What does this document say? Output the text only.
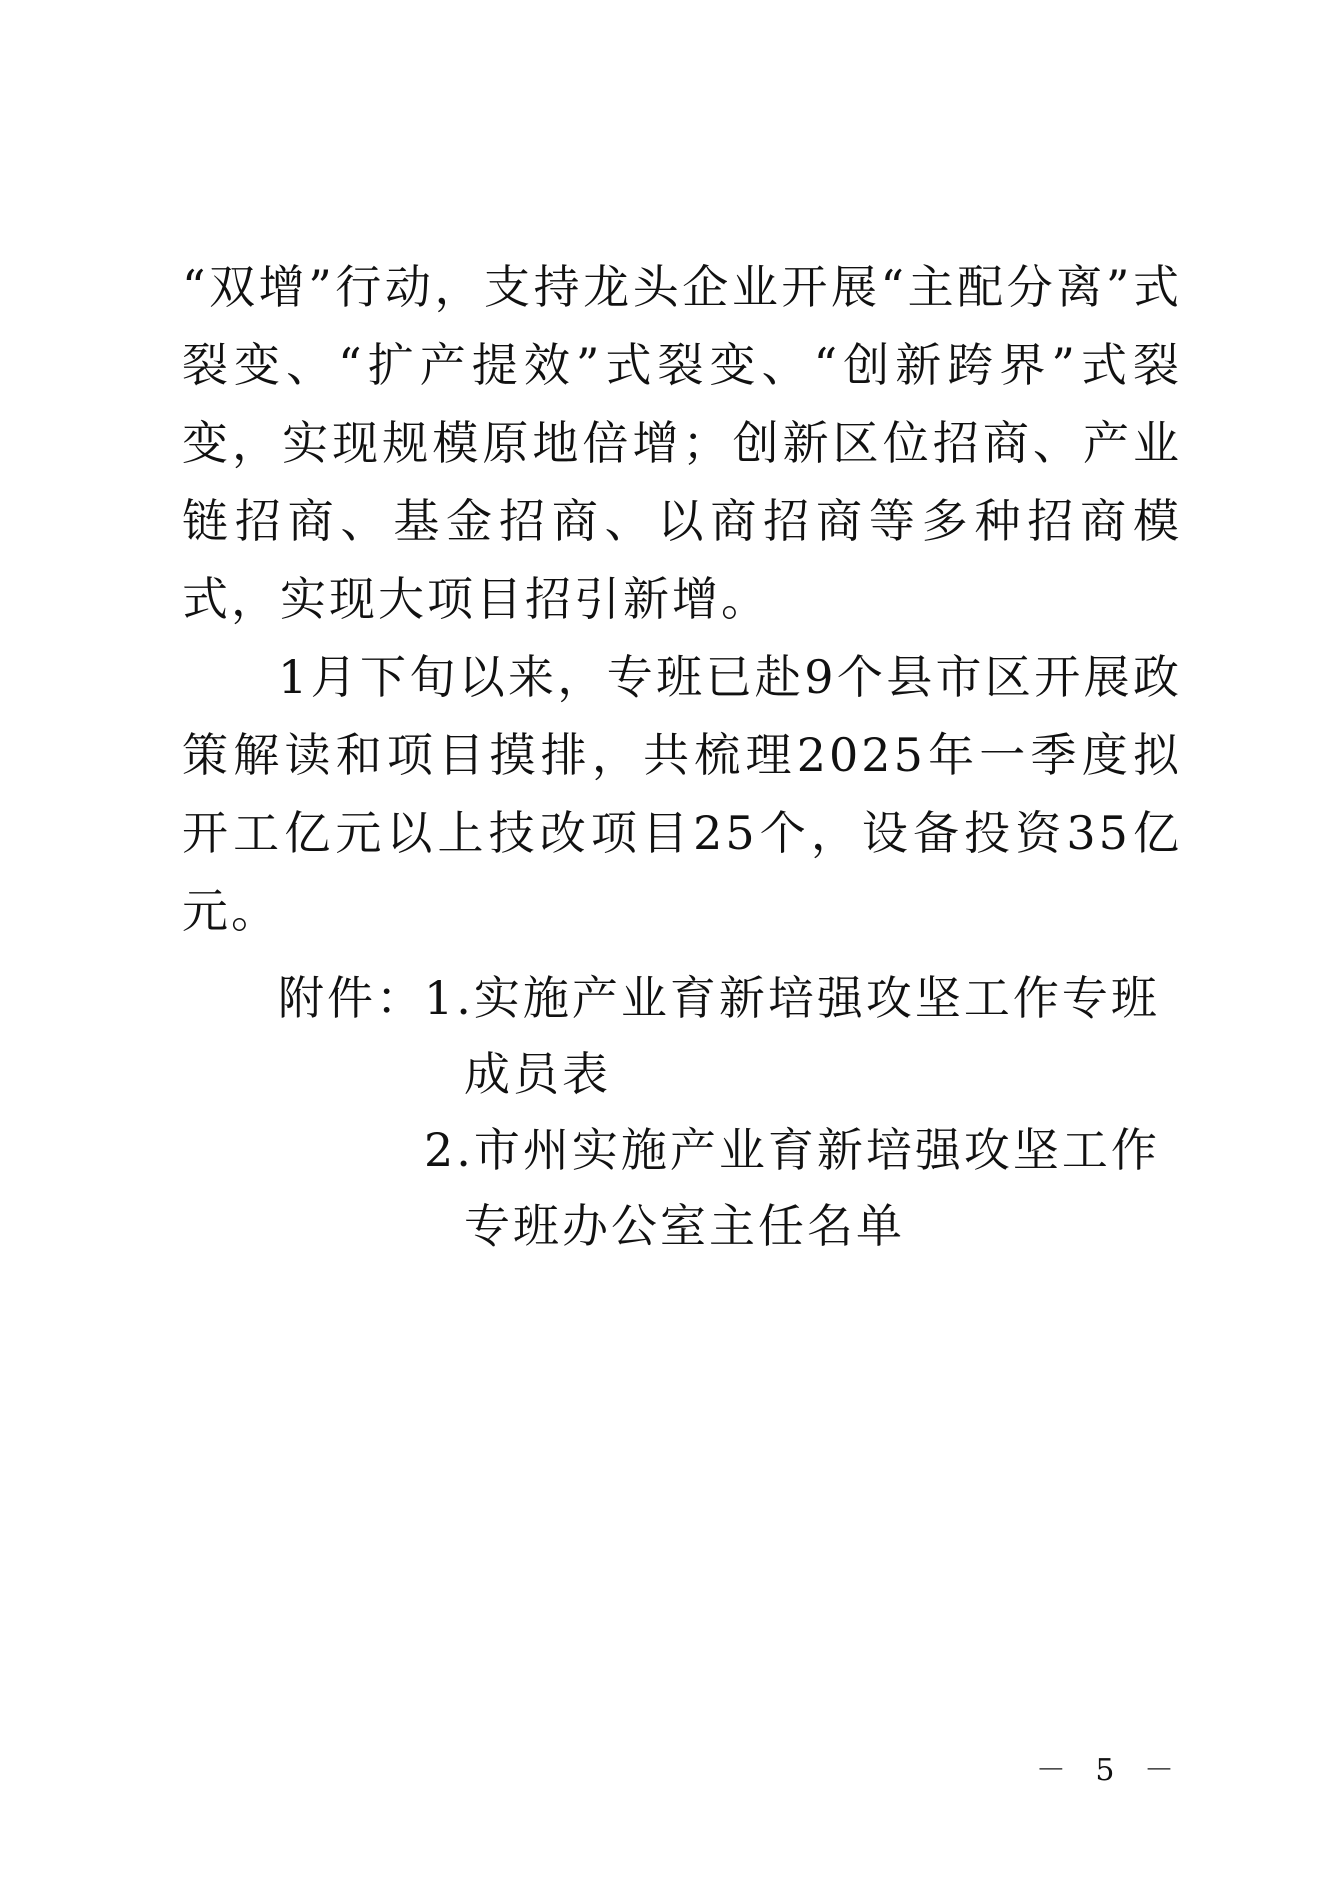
“双增”行动，支持龙头企业开展“主配分离”式裂变、“扩产提效”式裂变、“创新跨界”式裂变，实现规模原地倍增；创新区位招商、产业链招商、基金招商、以商招商等多种招商模式，实现大项目招引新增。

1月下旬以来，专班已赴9个县市区开展政策解读和项目摸排，共梳理2025年一季度拟开工亿元以上技改项目25个，设备投资35亿元。

附件： 1.实施产业育新培强攻坚工作专班
成员表
2.市州实施产业育新培强攻坚工作
专班办公室主任名单
－ 5 －
